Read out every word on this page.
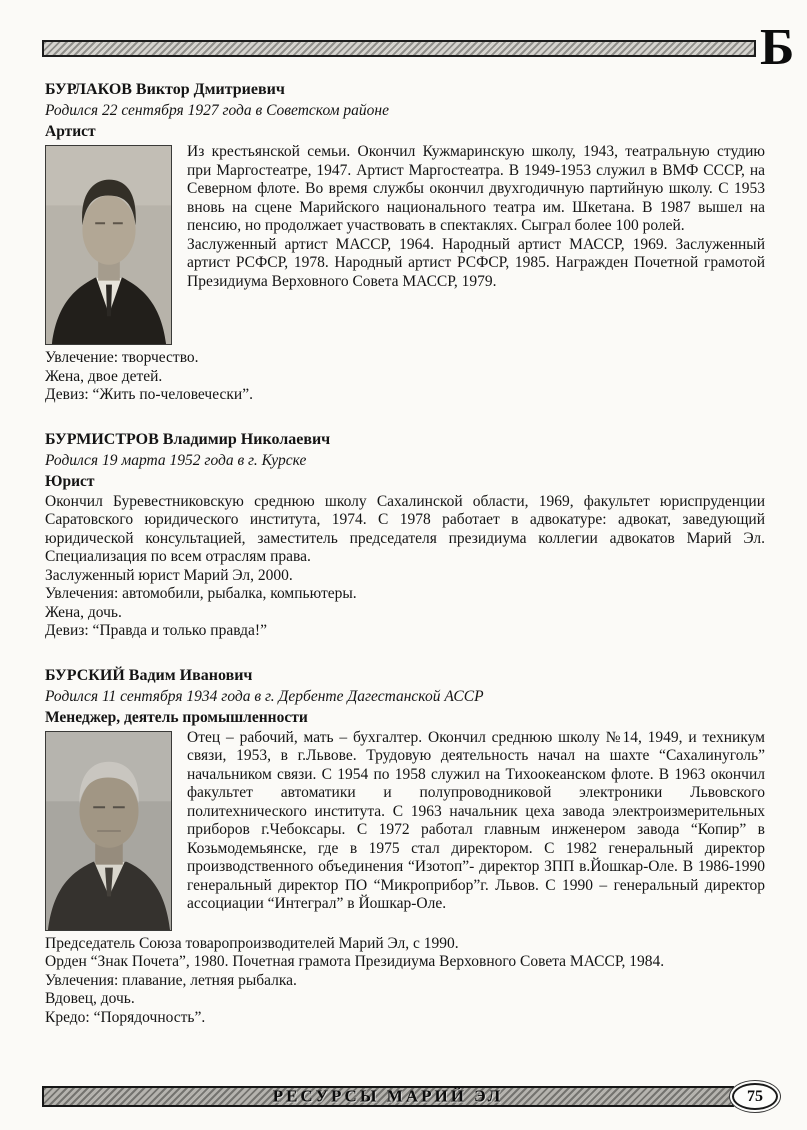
Б
БУРЛАКОВ Виктор Дмитриевич
Родился 22 сентября 1927 года в Советском районе
Артист

Из крестьянской семьи. Окончил Кужмаринскую школу, 1943, театральную студию при Маргостеатре, 1947. Артист Маргостеатра. В 1949-1953 служил в ВМФ СССР, на Северном флоте. Во время службы окончил двухгодичную партийную школу. С 1953 вновь на сцене Марийского национального театра им. Шкетана. В 1987 вышел на пенсию, но продолжает участвовать в спектаклях. Сыграл более 100 ролей.

Заслуженный артист МАССР, 1964. Народный артист МАССР, 1969. Заслуженный артист РСФСР, 1978. Народный артист РСФСР, 1985. Награжден Почетной грамотой Президиума Верховного Совета МАССР, 1979.

Увлечение: творчество.

Жена, двое детей.

Девиз: “Жить по-человечески”.

БУРМИСТРОВ Владимир Николаевич
Родился 19 марта 1952 года в г. Курске
Юрист

Окончил Буревестниковскую среднюю школу Сахалинской области, 1969, факультет юриспруденции Саратовского юридического института, 1974. С 1978 работает в адвокатуре: адвокат, заведующий юридической консультацией, заместитель председателя президиума коллегии адвокатов Марий Эл. Специализация по всем отраслям права.

Заслуженный юрист Марий Эл, 2000.

Увлечения: автомобили, рыбалка, компьютеры.

Жена, дочь.

Девиз: “Правда и только правда!”

БУРСКИЙ Вадим Иванович
Родился 11 сентября 1934 года в г. Дербенте Дагестанской АССР
Менеджер, деятель промышленности

Отец – рабочий, мать – бухгалтер. Окончил среднюю школу №14, 1949, и техникум связи, 1953, в г.Львове. Трудовую деятельность начал на шахте “Сахалинуголь” начальником связи. С 1954 по 1958 служил на Тихоокеанском флоте. В 1963 окончил факультет автоматики и полупроводниковой электроники Львовского политехнического института. С 1963 начальник цеха завода электроизмерительных приборов г.Чебоксары. С 1972 работал главным инженером завода “Копир” в Козьмодемьянске, где в 1975 стал директором. С 1982 генеральный директор производственного объединения “Изотоп”- директор ЗПП в.Йошкар-Оле. В 1986-1990 генеральный директор ПО “Микроприбор”г. Львов. С 1990 – генеральный директор ассоциации “Интеграл” в Йошкар-Оле.

Председатель Союза товаропроизводителей Марий Эл, с 1990.

Орден “Знак Почета”, 1980. Почетная грамота Президиума Верховного Совета МАССР, 1984.

Увлечения: плавание, летняя рыбалка.

Вдовец, дочь.

Кредо: “Порядочность”.

РЕСУРСЫ МАРИЙ ЭЛ	75
